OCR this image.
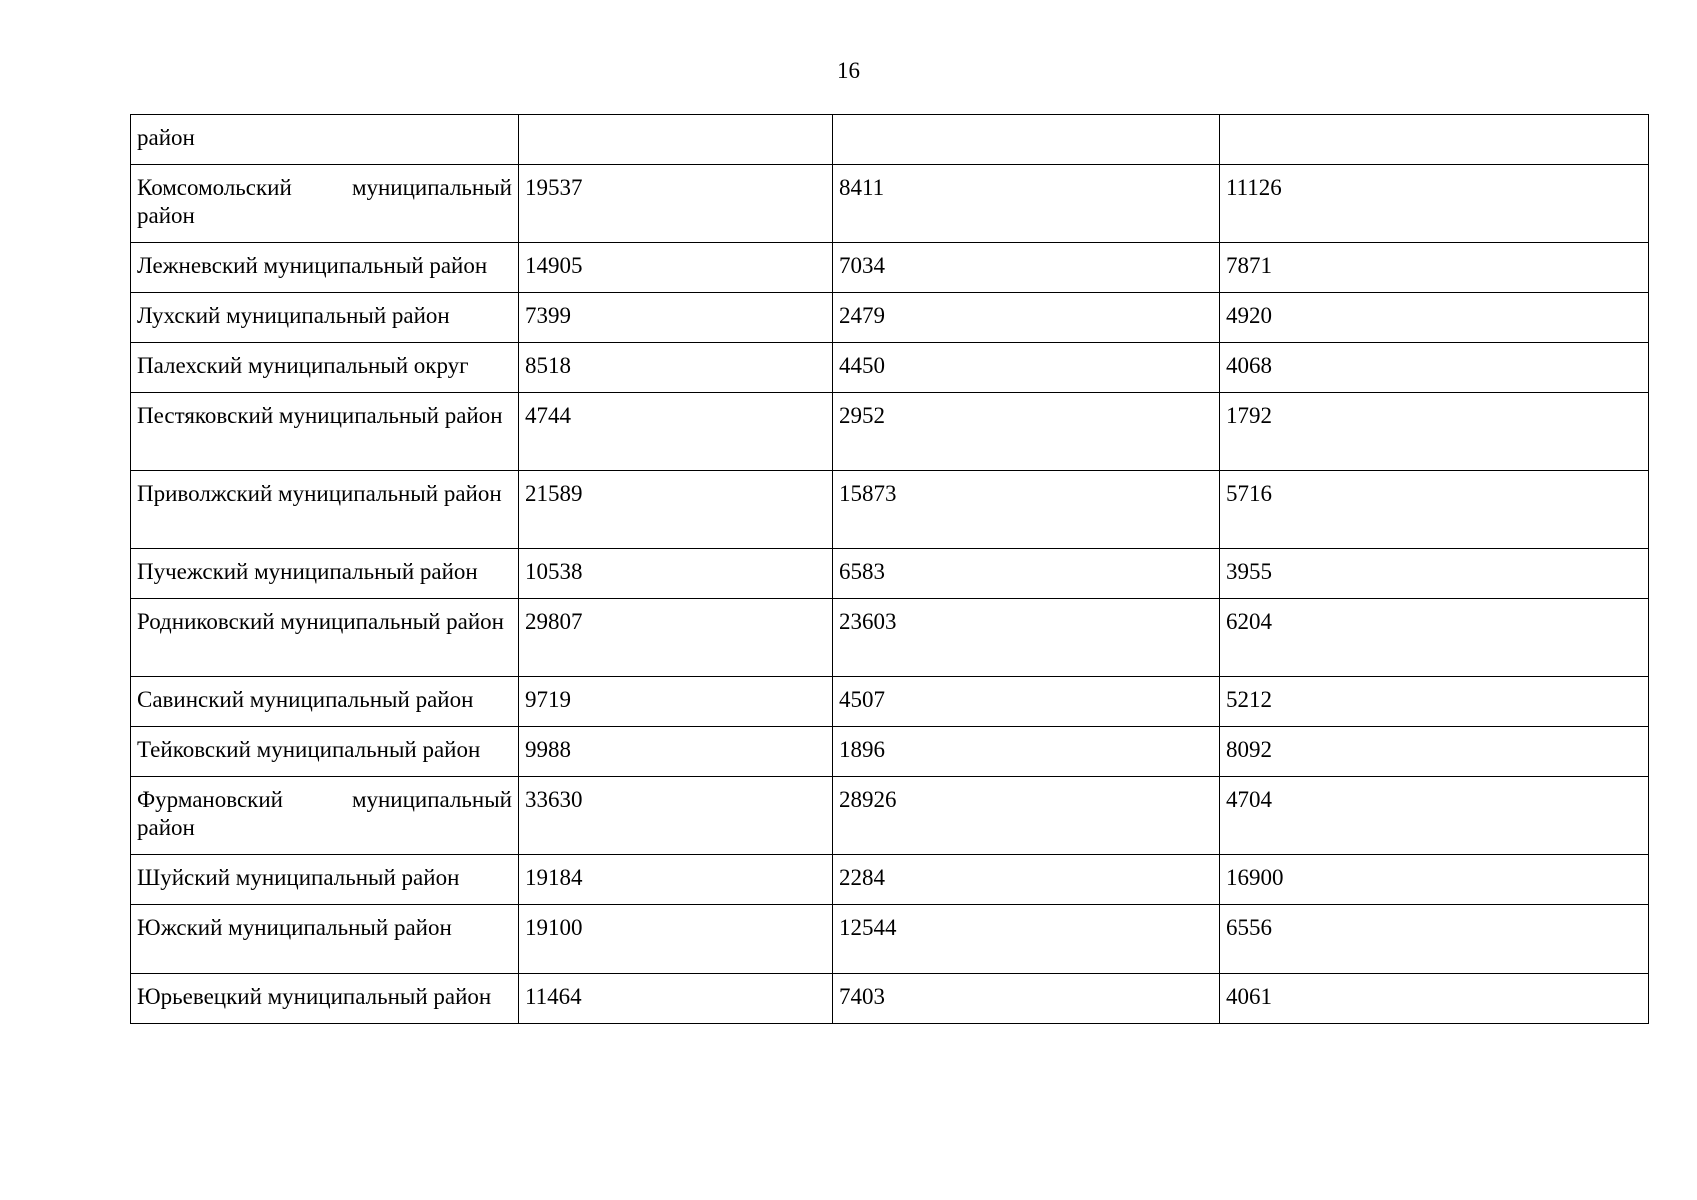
16
район			
Комсомольский муниципальный район	19537	8411	11126
Лежневский муниципальный район	14905	7034	7871
Лухский муниципальный район	7399	2479	4920
Палехский муниципальный округ	8518	4450	4068
Пестяковский муниципальный район	4744	2952	1792
Приволжский муниципальный район	21589	15873	5716
Пучежский муниципальный район	10538	6583	3955
Родниковский муниципальный район	29807	23603	6204
Савинский муниципальный район	9719	4507	5212
Тейковский муниципальный район	9988	1896	8092
Фурмановский муниципальный район	33630	28926	4704
Шуйский муниципальный район	19184	2284	16900
Южский муниципальный район	19100	12544	6556
Юрьевецкий муниципальный район	11464	7403	4061
